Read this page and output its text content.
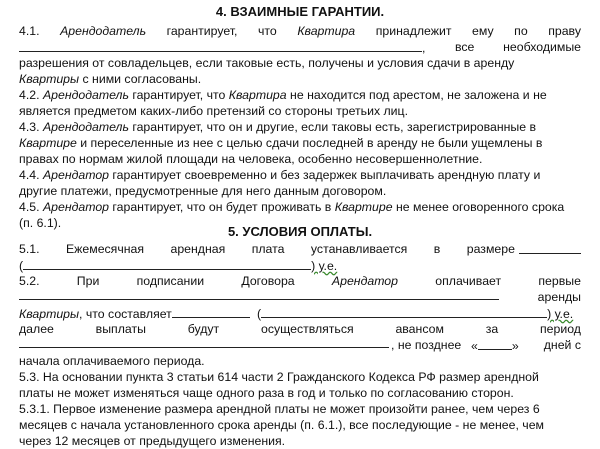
4. ВЗАИМНЫЕ ГАРАНТИИ.
4.1. Арендодатель гарантирует, что Квартира принадлежит ему по праву
, все необходимые
разрешения от совладельцев, если таковые есть, получены и условия сдачи в аренду
Квартиры с ними согласованы.
4.2. Арендодатель гарантирует, что Квартира не находится под арестом, не заложена и не
является предметом каких-либо претензий со стороны третьих лиц.
4.3. Арендодатель гарантирует, что он и другие, если таковы есть, зарегистрированные в
Квартире и переселенные из нее с целью сдачи последней в аренду не были ущемлены в
правах по нормам жилой площади на человека, особенно несовершеннолетние.
4.4. Арендатор гарантирует своевременно и без задержек выплачивать арендную плату и
другие платежи, предусмотренные для него данным договором.
4.5. Арендатор гарантирует, что он будет проживать в Квартире не менее оговоренного срока
(п. 6.1).
5. УСЛОВИЯ ОПЛАТЫ.
5.1. Ежемесячная арендная плата устанавливается в размере
(	) у.е.
5.2.	При	подписании	Договора	Арендатор	оплачивает	первые
аренды
Квартиры, что составляет	(	) у.е.
далее	выплаты	будут	осуществляться	авансом	за	период
, не позднее «	» дней с
начала оплачиваемого периода.
5.3. На основании пункта 3 статьи 614 части 2 Гражданского Кодекса РФ размер арендной
платы не может изменяться чаще одного раза в год и только по согласованию сторон.
5.3.1. Первое изменение размера арендной платы не может произойти ранее, чем через 6
месяцев с начала установленного срока аренды (п. 6.1.), все последующие - не менее, чем
через 12 месяцев от предыдущего изменения.
